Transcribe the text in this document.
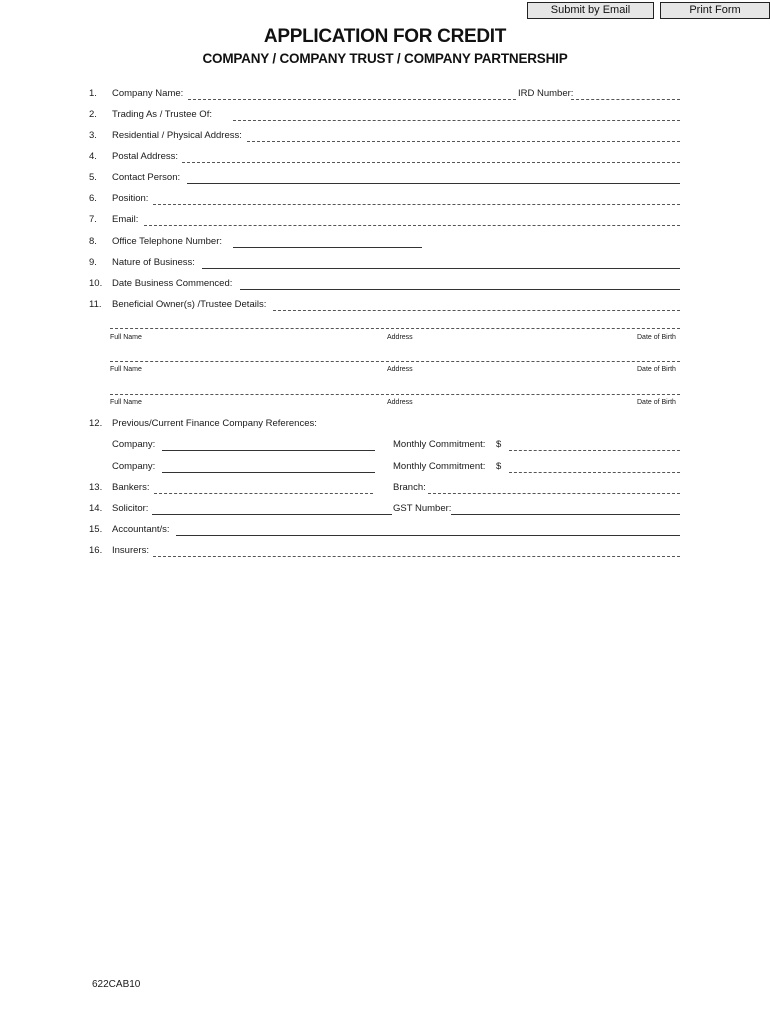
Submit by Email	Print Form
APPLICATION FOR CREDIT
COMPANY / COMPANY TRUST / COMPANY PARTNERSHIP
1. Company Name:	IRD Number:
2. Trading As / Trustee Of:
3. Residential / Physical Address:
4. Postal Address:
5. Contact Person:
6. Position:
7. Email:
8. Office Telephone Number:
9. Nature of Business:
10. Date Business Commenced:
11. Beneficial Owner(s) /Trustee Details:
Full Name	Address	Date of Birth
Full Name	Address	Date of Birth
Full Name	Address	Date of Birth
12. Previous/Current Finance Company References:
Company:	Monthly Commitment: $
Company:	Monthly Commitment: $
13. Bankers:	Branch:
14. Solicitor:	GST Number:
15. Accountant/s:
16. Insurers:
622CAB10
